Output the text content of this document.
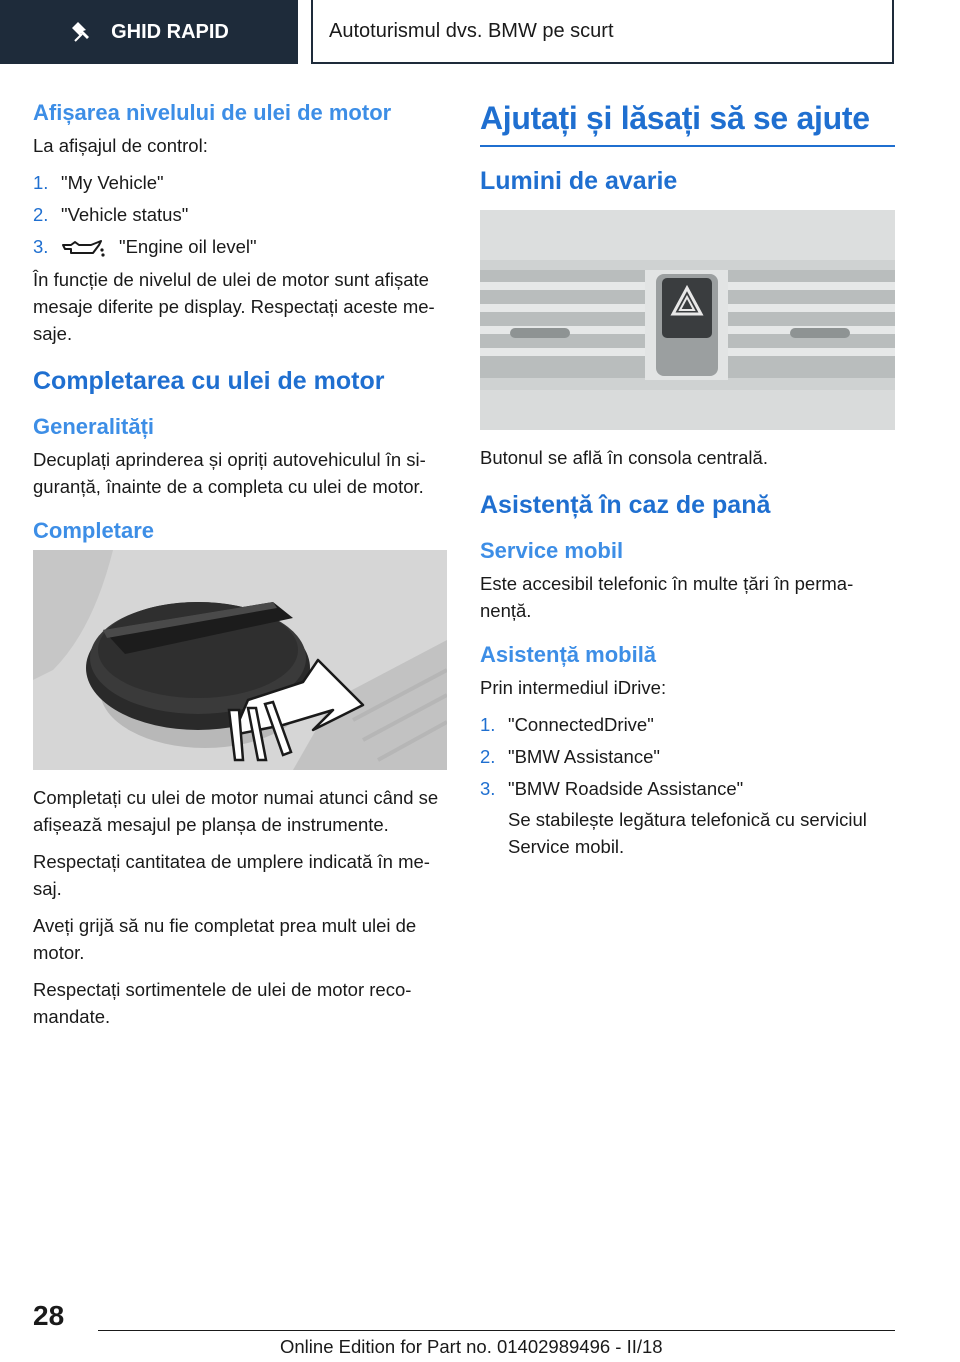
GHID RAPID	Autoturismul dvs. BMW pe scurt
Afișarea nivelului de ulei de motor

La afișajul de control:

1. "My Vehicle"
2. "Vehicle status"
3.	"Engine oil level"

În funcție de nivelul de ulei de motor sunt afișate mesaje diferite pe display. Respectați aceste me-saje.

Completarea cu ulei de motor
Generalități

Decuplați aprinderea și opriți autovehiculul în si-guranță, înainte de a completa cu ulei de motor.

Completare

Completați cu ulei de motor numai atunci când se afișează mesajul pe planșa de instrumente.

Respectați cantitatea de umplere indicată în me-saj.

Aveți grijă să nu fie completat prea mult ulei de motor.

Respectați sortimentele de ulei de motor reco-mandate.

Ajutați și lăsați să se ajute
Lumini de avarie

Butonul se află în consola centrală.

Asistență în caz de pană
Service mobil

Este accesibil telefonic în multe țări în perma-nență.

Asistență mobilă

Prin intermediul iDrive:

1. "ConnectedDrive"
2. "BMW Assistance"
3. "BMW Roadside Assistance"

Se stabilește legătura telefonică cu serviciul Service mobil.

28
Online Edition for Part no. 01402989496 - II/18
